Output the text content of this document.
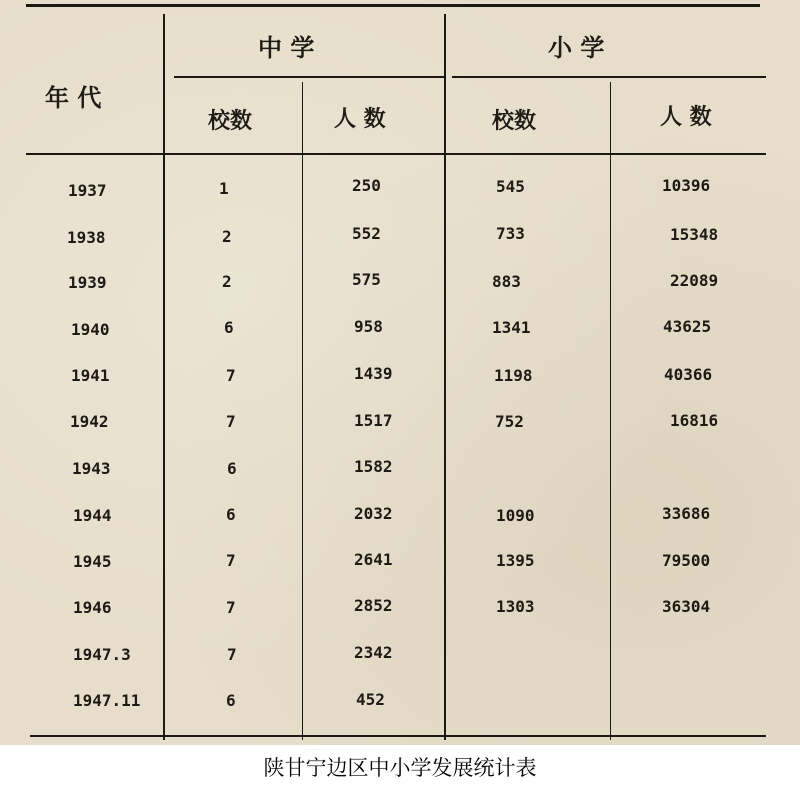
年 代
中 学	小 学
校数	人 数	校数	人 数
1937	1	250	545	10396
1938	2	552	733	15348
1939	2	575	883	22089
1940	6	958	1341	43625
1941	7	1439	1198	40366
1942	7	1517	752	16816
1943	6	1582
1944	6	2032	1090	33686
1945	7	2641	1395	79500
1946	7	2852	1303	36304
1947.3	7	2342
1947.11	6	452
陕甘宁边区中小学发展统计表
